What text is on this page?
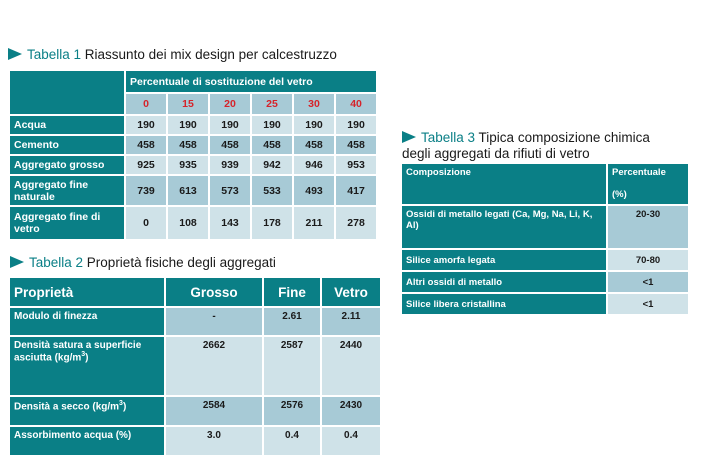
Tabella 1 Riassunto dei mix design per calcestruzzo
	Percentuale di sostituzione del vetro					
	0	15	20	25	30	40
Acqua	190	190	190	190	190	190
Cemento	458	458	458	458	458	458
Aggregato grosso	925	935	939	942	946	953
Aggregato fine naturale	739	613	573	533	493	417
Aggregato fine di vetro	0	108	143	178	211	278
Tabella 2 Proprietà fisiche degli aggregati
Proprietà	Grosso	Fine	Vetro
Modulo di finezza	-	2.61	2.11
Densità satura a superficie asciutta $(kg/m^3)$	2662	2587	2440
Densità a secco $(kg/m^3)$	2584	2576	2430
Assorbimento acqua (%)	3.0	0.4	0.4
Tabella 3 Tipica composizione chimica
degli aggregati da rifiuti di vetro
Composizione	Percentuale

(%)
Ossidi di metallo legati (Ca, Mg, Na, Li, K, Al)	20-30
Silice amorfa legata	70-80
Altri ossidi di metallo	<1
Silice libera cristallina	<1
